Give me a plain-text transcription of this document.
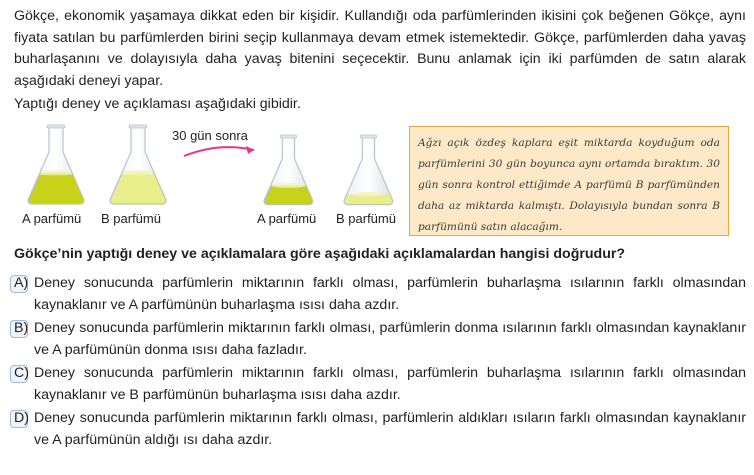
Gökçe, ekonomik yaşamaya dikkat eden bir kişidir. Kullandığı oda parfümlerinden ikisini çok beğenen Gökçe, aynı fiyata satılan bu parfümlerden birini seçip kullanmaya devam etmek istemektedir. Gökçe, parfümlerden daha yavaş buharlaşanını ve dolayısıyla daha yavaş bitenini seçecektir. Bunu anlamak için iki parfümden de satın alarak aşağıdaki deneyi yapar.

Yaptığı deney ve açıklaması aşağıdaki gibidir.

30 gün sonra
A parfümü B parfümü	A parfümü B parfümü
Ağzı açık özdeş kaplara eşit miktarda koyduğum oda parfümlerini 30 gün boyunca aynı ortamda bıraktım. 30 gün sonra kontrol ettiğimde A parfümü B parfümünden daha az miktarda kalmıştı. Dolayısıyla bundan sonra B parfümünü satın alacağım.

Gökçe’nin yaptığı deney ve açıklamalara göre aşağıdaki açıklamalardan hangisi doğrudur?

A) Deney sonucunda parfümlerin miktarının farklı olması, parfümlerin buharlaşma ısılarının farklı olmasından kaynaklanır ve A parfümünün buharlaşma ısısı daha azdır.
B) Deney sonucunda parfümlerin miktarının farklı olması, parfümlerin donma ısılarının farklı olmasından kaynaklanır ve A parfümünün donma ısısı daha fazladır.
C) Deney sonucunda parfümlerin miktarının farklı olması, parfümlerin buharlaşma ısılarının farklı olmasından kaynaklanır ve B parfümünün buharlaşma ısısı daha azdır.
D) Deney sonucunda parfümlerin miktarının farklı olması, parfümlerin aldıkları ısıların farklı olmasından kaynaklanır ve A parfümünün aldığı ısı daha azdır.
